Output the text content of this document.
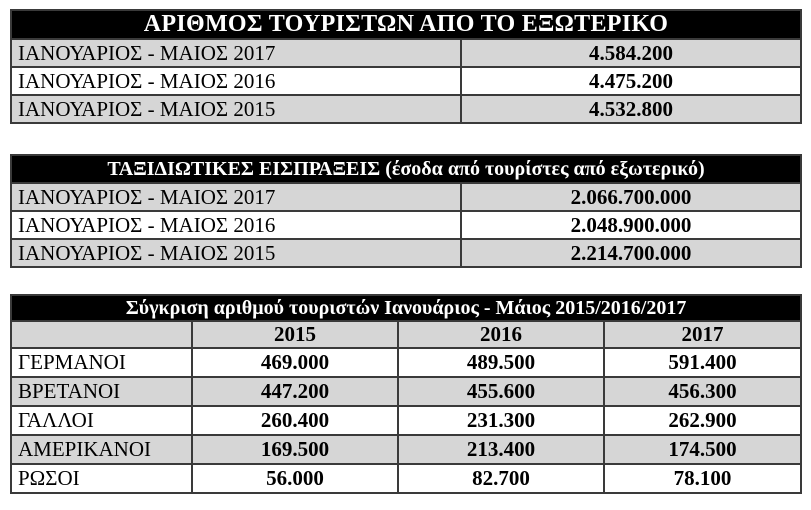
ΑΡΙΘΜΟΣ ΤΟΥΡΙΣΤΩΝ ΑΠΟ ΤΟ ΕΞΩΤΕΡΙΚΟ	
ΙΑΝΟΥΑΡΙΟΣ - ΜΑΙΟΣ 2017	4.584.200
ΙΑΝΟΥΑΡΙΟΣ - ΜΑΙΟΣ 2016	4.475.200
ΙΑΝΟΥΑΡΙΟΣ - ΜΑΙΟΣ 2015	4.532.800
ΤΑΞΙΔΙΩΤΙΚΕΣ ΕΙΣΠΡΑΞΕΙΣ (έσοδα από τουρίστες από εξωτερικό)	
ΙΑΝΟΥΑΡΙΟΣ - ΜΑΙΟΣ 2017	2.066.700.000
ΙΑΝΟΥΑΡΙΟΣ - ΜΑΙΟΣ 2016	2.048.900.000
ΙΑΝΟΥΑΡΙΟΣ - ΜΑΙΟΣ 2015	2.214.700.000
Σύγκριση αριθμού τουριστών Ιανουάριος - Μάιος 2015/2016/2017			
	2015	2016	2017
ΓΕΡΜΑΝΟΙ	469.000	489.500	591.400
ΒΡΕΤΑΝΟΙ	447.200	455.600	456.300
ΓΑΛΛΟΙ	260.400	231.300	262.900
ΑΜΕΡΙΚΑΝΟΙ	169.500	213.400	174.500
ΡΩΣΟΙ	56.000	82.700	78.100
